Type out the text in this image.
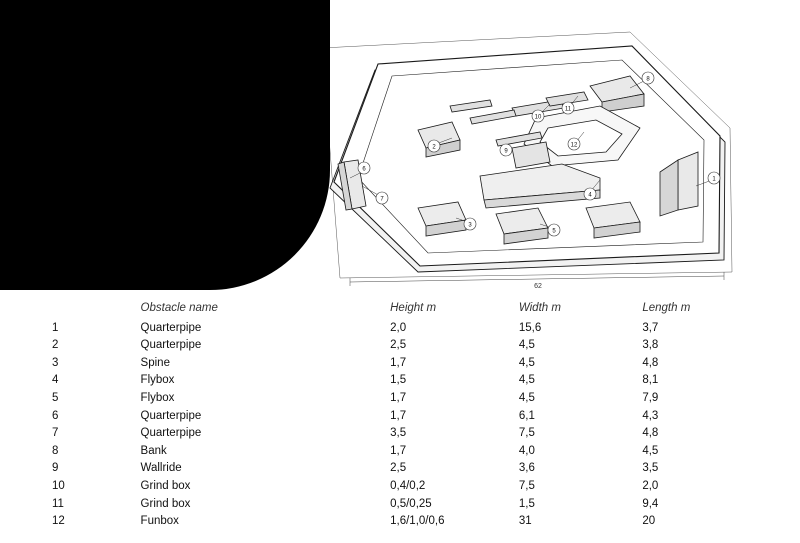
62
1
7
4
5
3
6
8
2
10
11
12
9
	Obstacle name	Height m	Width m	Length m
1	Quarterpipe	2,0	15,6	3,7
2	Quarterpipe	2,5	4,5	3,8
3	Spine	1,7	4,5	4,8
4	Flybox	1,5	4,5	8,1
5	Flybox	1,7	4,5	7,9
6	Quarterpipe	1,7	6,1	4,3
7	Quarterpipe	3,5	7,5	4,8
8	Bank	1,7	4,0	4,5
9	Wallride	2,5	3,6	3,5
10	Grind box	0,4/0,2	7,5	2,0
11	Grind box	0,5/0,25	1,5	9,4
12	Funbox	1,6/1,0/0,6	31	20
